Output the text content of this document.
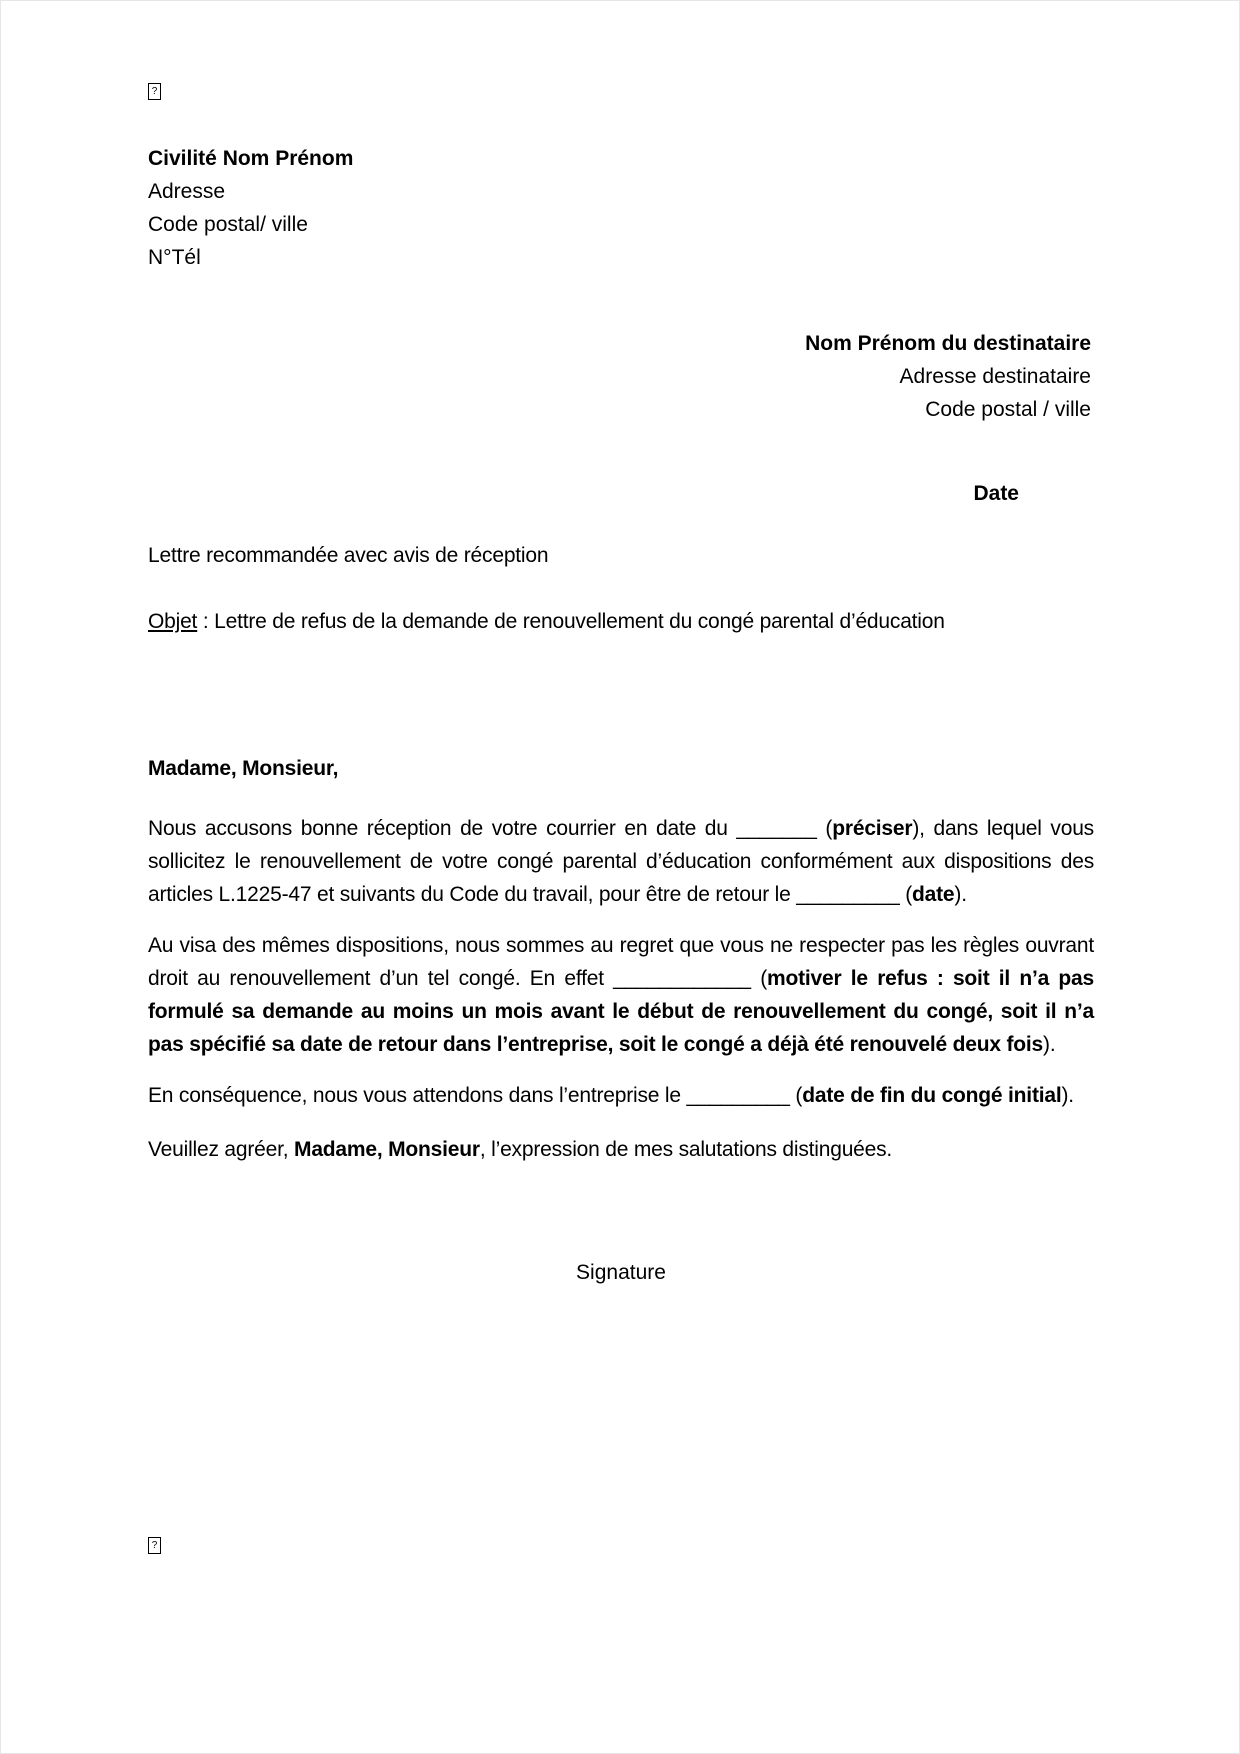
?
Civilité Nom Prénom
Adresse
Code postal/ ville
N°Tél
Nom Prénom du destinataire
Adresse destinataire
Code postal / ville
Date
Lettre recommandée avec avis de réception
Objet : Lettre de refus de la demande de renouvellement du congé parental d’éducation
Madame, Monsieur,
Nous accusons bonne réception de votre courrier en date du _______ (préciser), dans lequel vous sollicitez le renouvellement de votre congé parental d’éducation conformément aux dispositions des articles L.1225-47 et suivants du Code du travail, pour être de retour le _________ (date).
Au visa des mêmes dispositions, nous sommes au regret que vous ne respecter pas les règles ouvrant droit au renouvellement d’un tel congé. En effet ____________ (motiver le refus : soit il n’a pas formulé sa demande au moins un mois avant le début de renouvellement du congé, soit il n’a pas spécifié sa date de retour dans l’entreprise, soit le congé a déjà été renouvelé deux fois).
En conséquence, nous vous attendons dans l’entreprise le _________ (date de fin du congé initial).
Veuillez agréer, Madame, Monsieur, l’expression de mes salutations distinguées.
Signature
?
